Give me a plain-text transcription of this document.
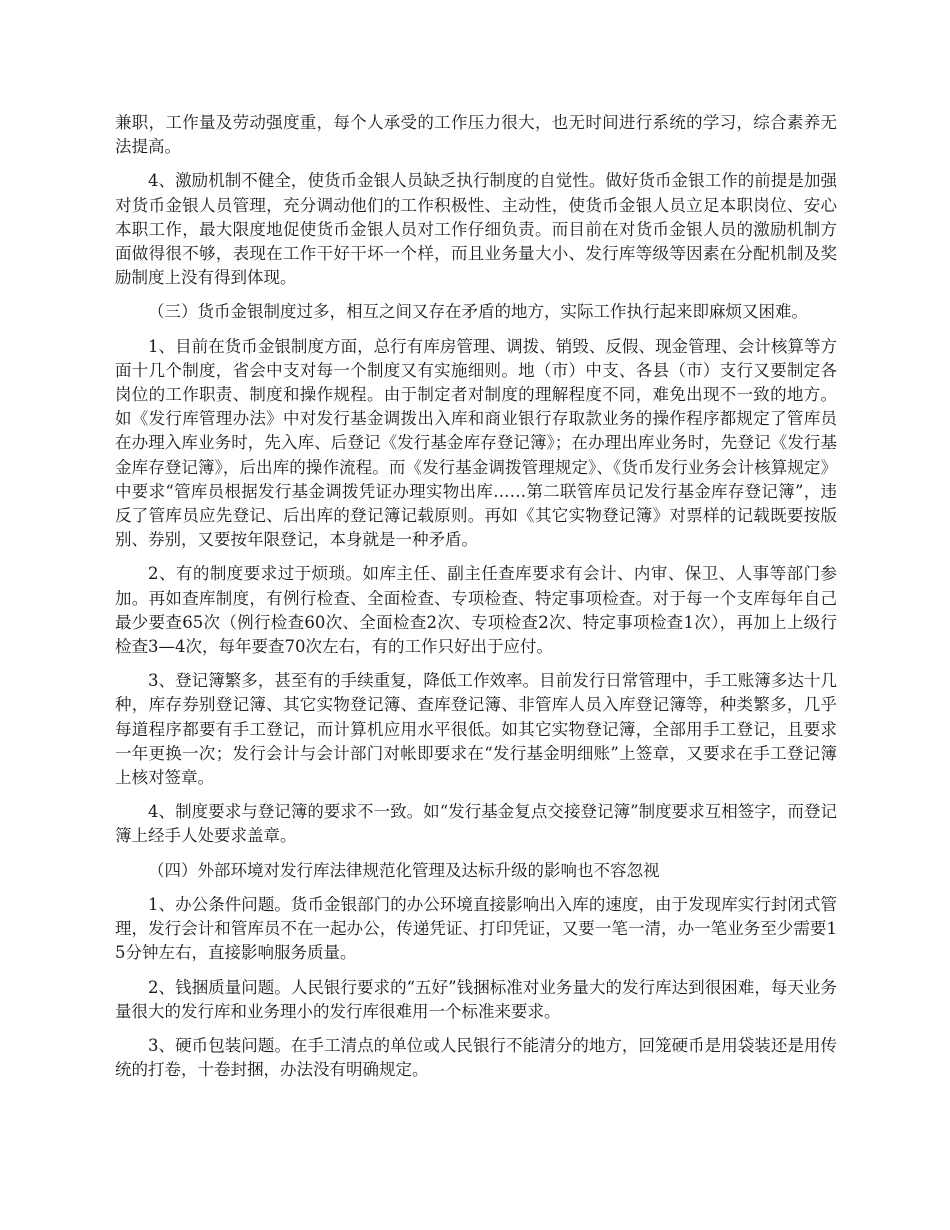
兼职，工作量及劳动强度重，每个人承受的工作压力很大，也无时间进行系统的学习，综合素养无法提高。

4、激励机制不健全，使货币金银人员缺乏执行制度的自觉性。做好货币金银工作的前提是加强对货币金银人员管理，充分调动他们的工作积极性、主动性，使货币金银人员立足本职岗位、安心本职工作，最大限度地促使货币金银人员对工作仔细负责。而目前在对货币金银人员的激励机制方面做得很不够，表现在工作干好干坏一个样，而且业务量大小、发行库等级等因素在分配机制及奖励制度上没有得到体现。

（三）货币金银制度过多，相互之间又存在矛盾的地方，实际工作执行起来即麻烦又困难。

1、目前在货币金银制度方面，总行有库房管理、调拨、销毁、反假、现金管理、会计核算等方面十几个制度，省会中支对每一个制度又有实施细则。地（市）中支、各县（市）支行又要制定各岗位的工作职责、制度和操作规程。由于制定者对制度的理解程度不同，难免出现不一致的地方。如《发行库管理办法》中对发行基金调拨出入库和商业银行存取款业务的操作程序都规定了管库员在办理入库业务时，先入库、后登记《发行基金库存登记簿》；在办理出库业务时，先登记《发行基金库存登记簿》，后出库的操作流程。而《发行基金调拨管理规定》、《货币发行业务会计核算规定》中要求“管库员根据发行基金调拨凭证办理实物出库……第二联管库员记发行基金库存登记簿”，违反了管库员应先登记、后出库的登记簿记载原则。再如《其它实物登记簿》对票样的记载既要按版别、券别，又要按年限登记，本身就是一种矛盾。

2、有的制度要求过于烦琐。如库主任、副主任查库要求有会计、内审、保卫、人事等部门参加。再如查库制度，有例行检查、全面检查、专项检查、特定事项检查。对于每一个支库每年自己最少要查65次（例行检查60次、全面检查2次、专项检查2次、特定事项检查1次），再加上上级行检查3—4次，每年要查70次左右，有的工作只好出于应付。

3、登记簿繁多，甚至有的手续重复，降低工作效率。目前发行日常管理中，手工账簿多达十几种，库存券别登记簿、其它实物登记簿、查库登记簿、非管库人员入库登记簿等，种类繁多，几乎每道程序都要有手工登记，而计算机应用水平很低。如其它实物登记簿，全部用手工登记，且要求一年更换一次；发行会计与会计部门对帐即要求在“发行基金明细账”上签章，又要求在手工登记簿上核对签章。

4、制度要求与登记簿的要求不一致。如“发行基金复点交接登记簿”制度要求互相签字，而登记簿上经手人处要求盖章。

（四）外部环境对发行库法律规范化管理及达标升级的影响也不容忽视

1、办公条件问题。货币金银部门的办公环境直接影响出入库的速度，由于发现库实行封闭式管理，发行会计和管库员不在一起办公，传递凭证、打印凭证，又要一笔一清，办一笔业务至少需要15分钟左右，直接影响服务质量。

2、钱捆质量问题。人民银行要求的“五好”钱捆标准对业务量大的发行库达到很困难，每天业务量很大的发行库和业务理小的发行库很难用一个标准来要求。

3、硬币包装问题。在手工清点的单位或人民银行不能清分的地方，回笼硬币是用袋装还是用传统的打卷，十卷封捆，办法没有明确规定。
